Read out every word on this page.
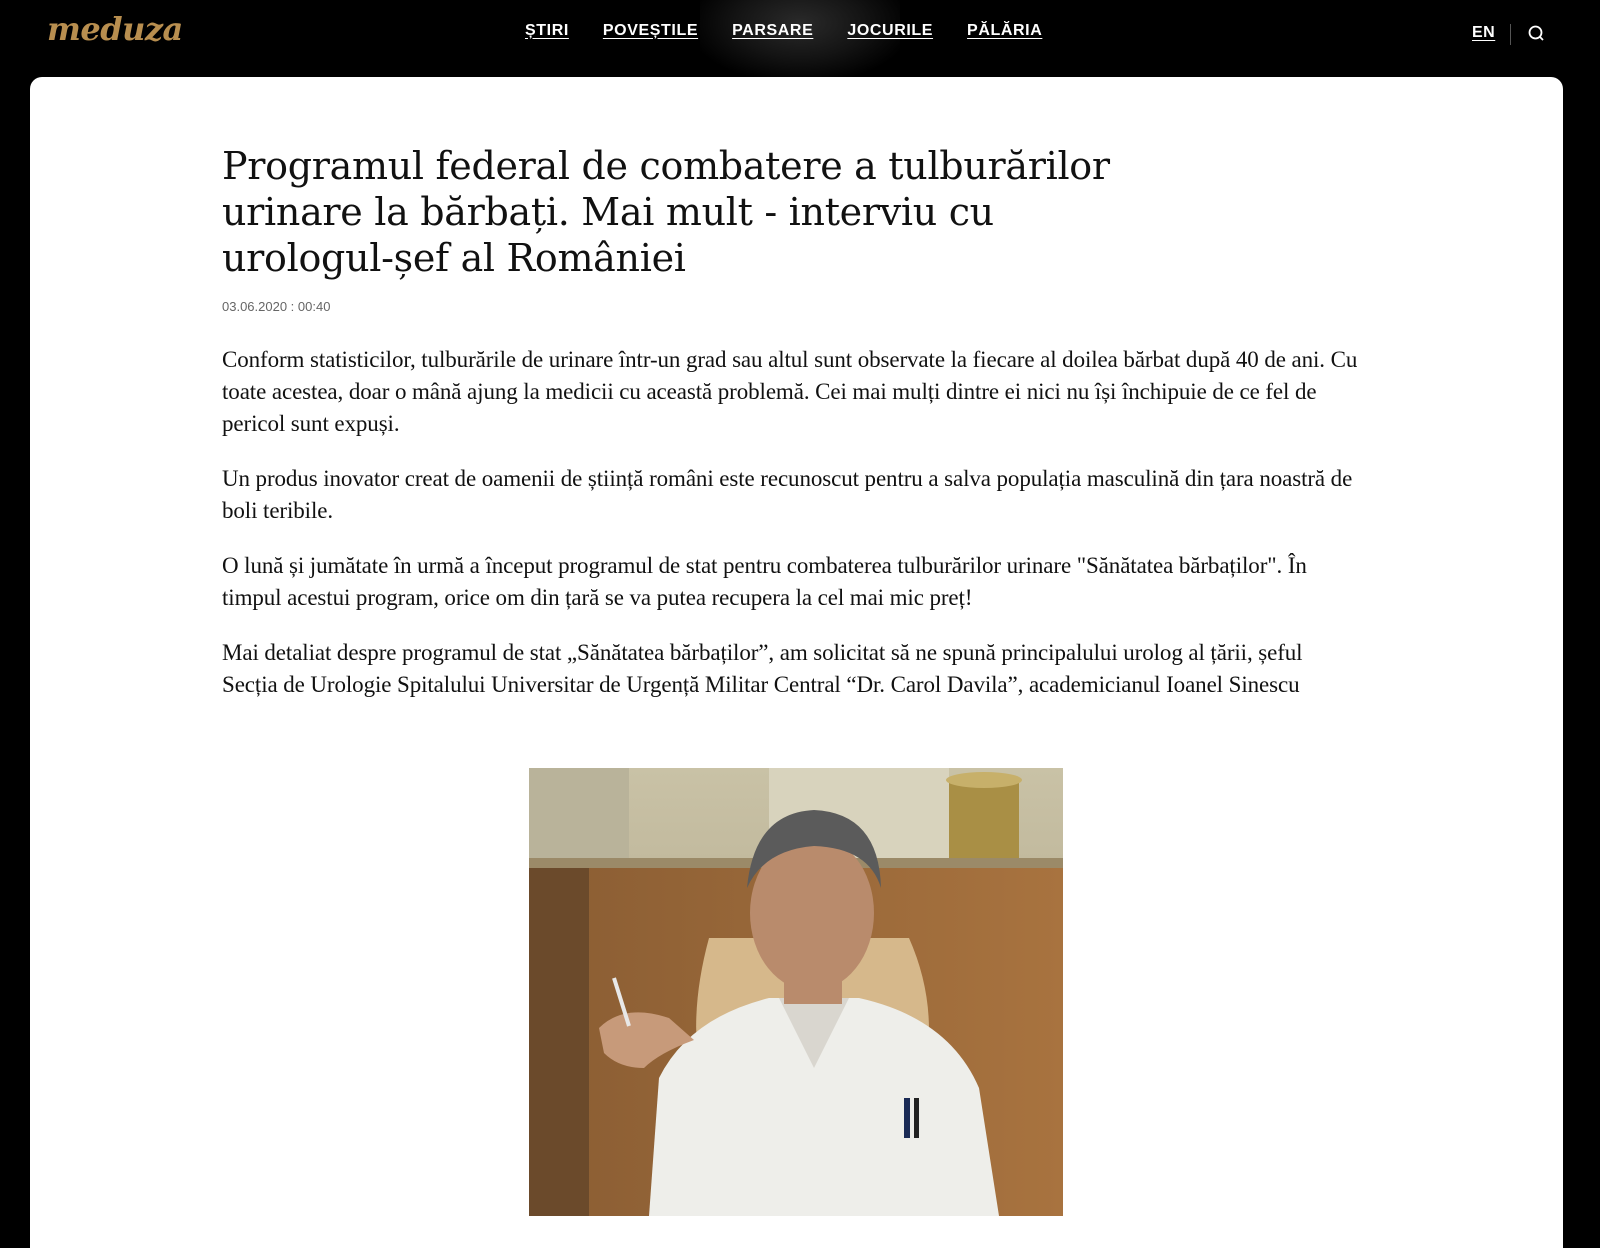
meduza	ȘTIRI POVEȘTILE PARSARE JOCURILE PĂLĂRIA	EN
Programul federal de combatere a tulburărilor urinare la bărbați. Mai mult - interviu cu urologul-șef al României
03.06.2020 : 00:40

Conform statisticilor, tulburările de urinare într-un grad sau altul sunt observate la fiecare al doilea bărbat după 40 de ani. Cu toate acestea, doar o mână ajung la medicii cu această problemă. Cei mai mulți dintre ei nici nu își închipuie de ce fel de pericol sunt expuși.

Un produs inovator creat de oamenii de știință români este recunoscut pentru a salva populația masculină din țara noastră de boli teribile.

O lună și jumătate în urmă a început programul de stat pentru combaterea tulburărilor urinare "Sănătatea bărbaților". În timpul acestui program, orice om din țară se va putea recupera la cel mai mic preț!

Mai detaliat despre programul de stat „Sănătatea bărbaților”, am solicitat să ne spună principalului urolog al țării, șeful Secția de Urologie Spitalului Universitar de Urgență Militar Central “Dr. Carol Davila”, academicianul Ioanel Sinescu
